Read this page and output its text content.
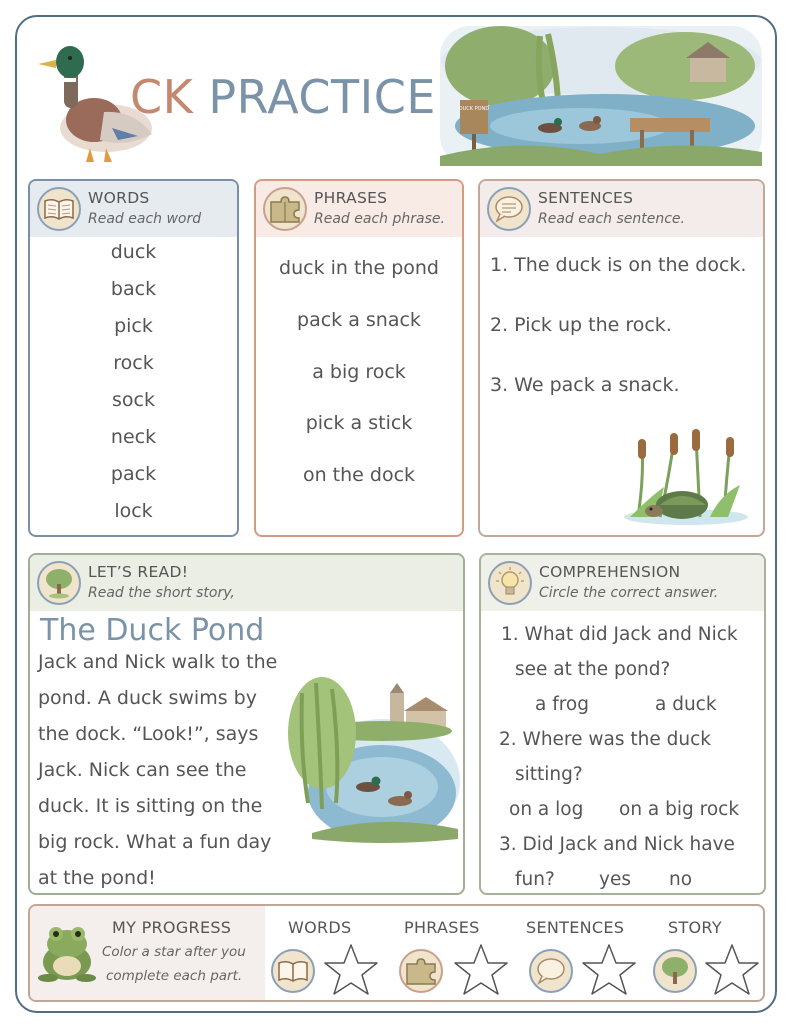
CK PRACTICE	DUCK POND
WORDS
Read each word
duck
back
pick
rock
sock
neck
pack
lock
PHRASES
Read each phrase.
duck in the pond
pack a snack
a big rock
pick a stick
on the dock
SENTENCES
Read each sentence.
1. The duck is on the dock.
2. Pick up the rock.
3. We pack a snack.
LET’S READ!
Read the short story,
The Duck Pond
Jack and Nick walk to the
pond. A duck swims by
the dock. “Look!”, says
Jack. Nick can see the
duck. It is sitting on the
big rock. What a fun day
at the pond!
COMPREHENSION
Circle the correct answer.
1. What did Jack and Nick
see at the pond?
a frog	a duck
2. Where was the duck
sitting?
on a log on a big rock
3. Did Jack and Nick have
fun? yes no
MY PROGRESS
Color a star after you
complete each part.
WORDS	PHRASES	SENTENCES	STORY
